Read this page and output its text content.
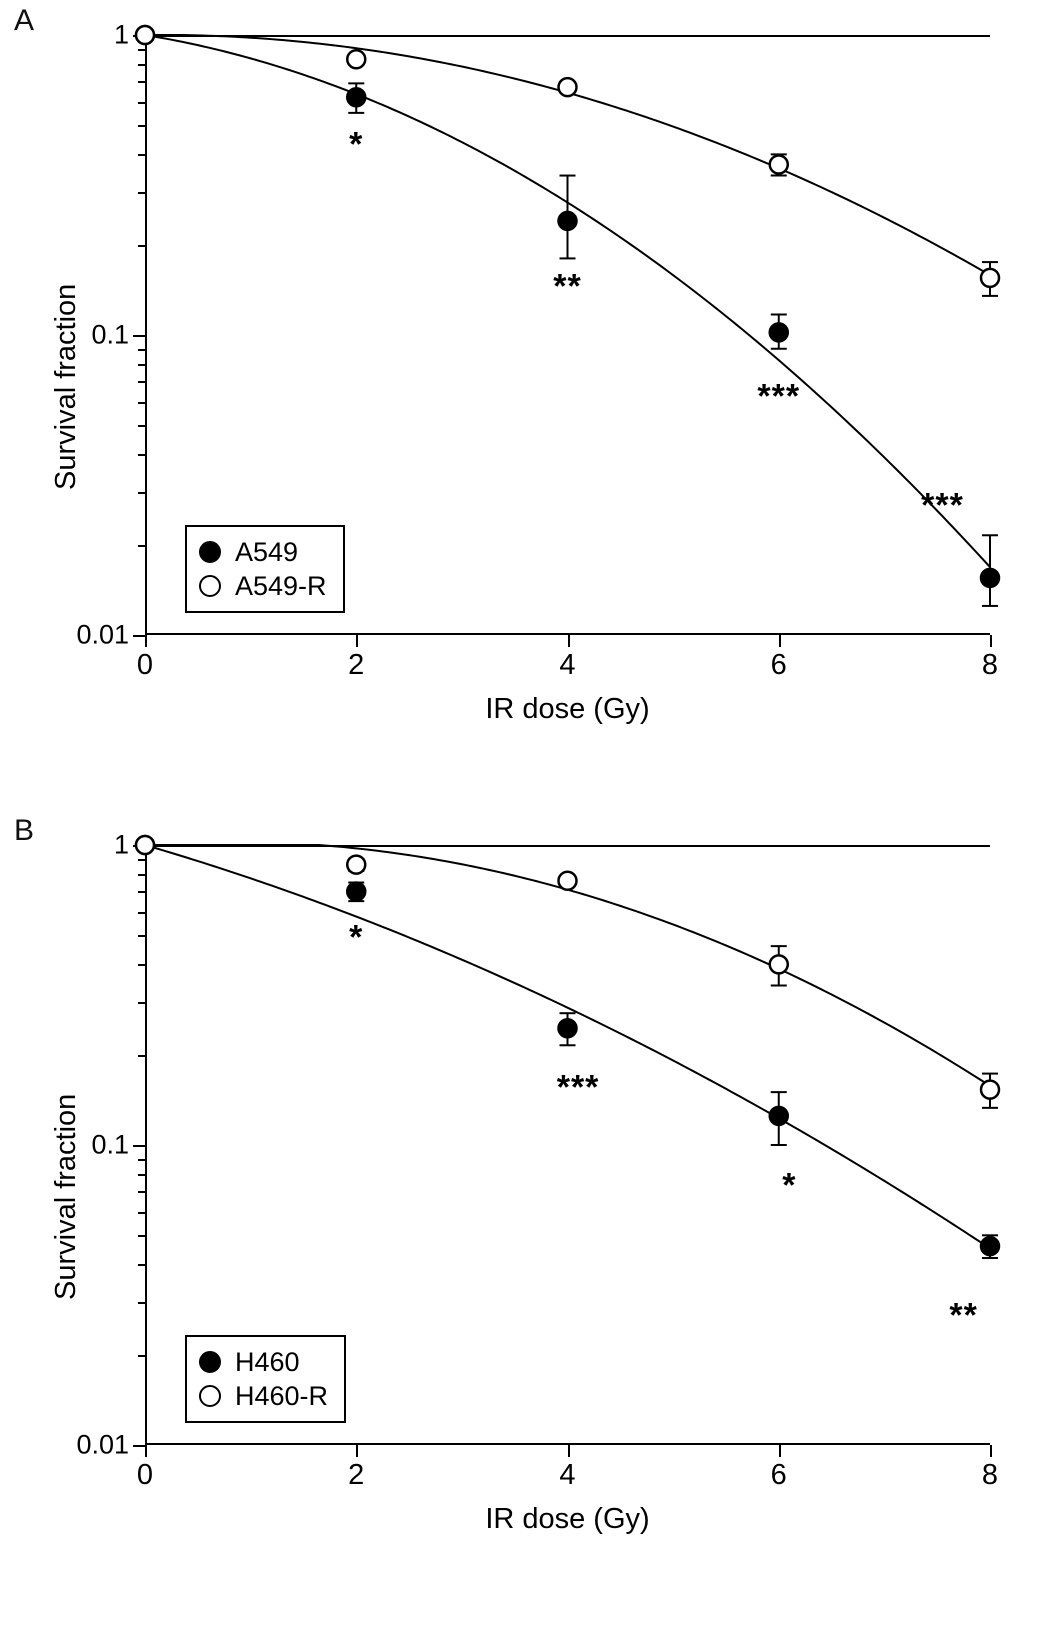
A	1
0.1
0.01
0	2	4	6	8
*
**
***
***
A549
A549-R
IR dose (Gy)
Survival fraction
B	1
0.1
0.01
0	2	4	6	8
*
***
*
**
H460
H460-R
IR dose (Gy)
Survival fraction
